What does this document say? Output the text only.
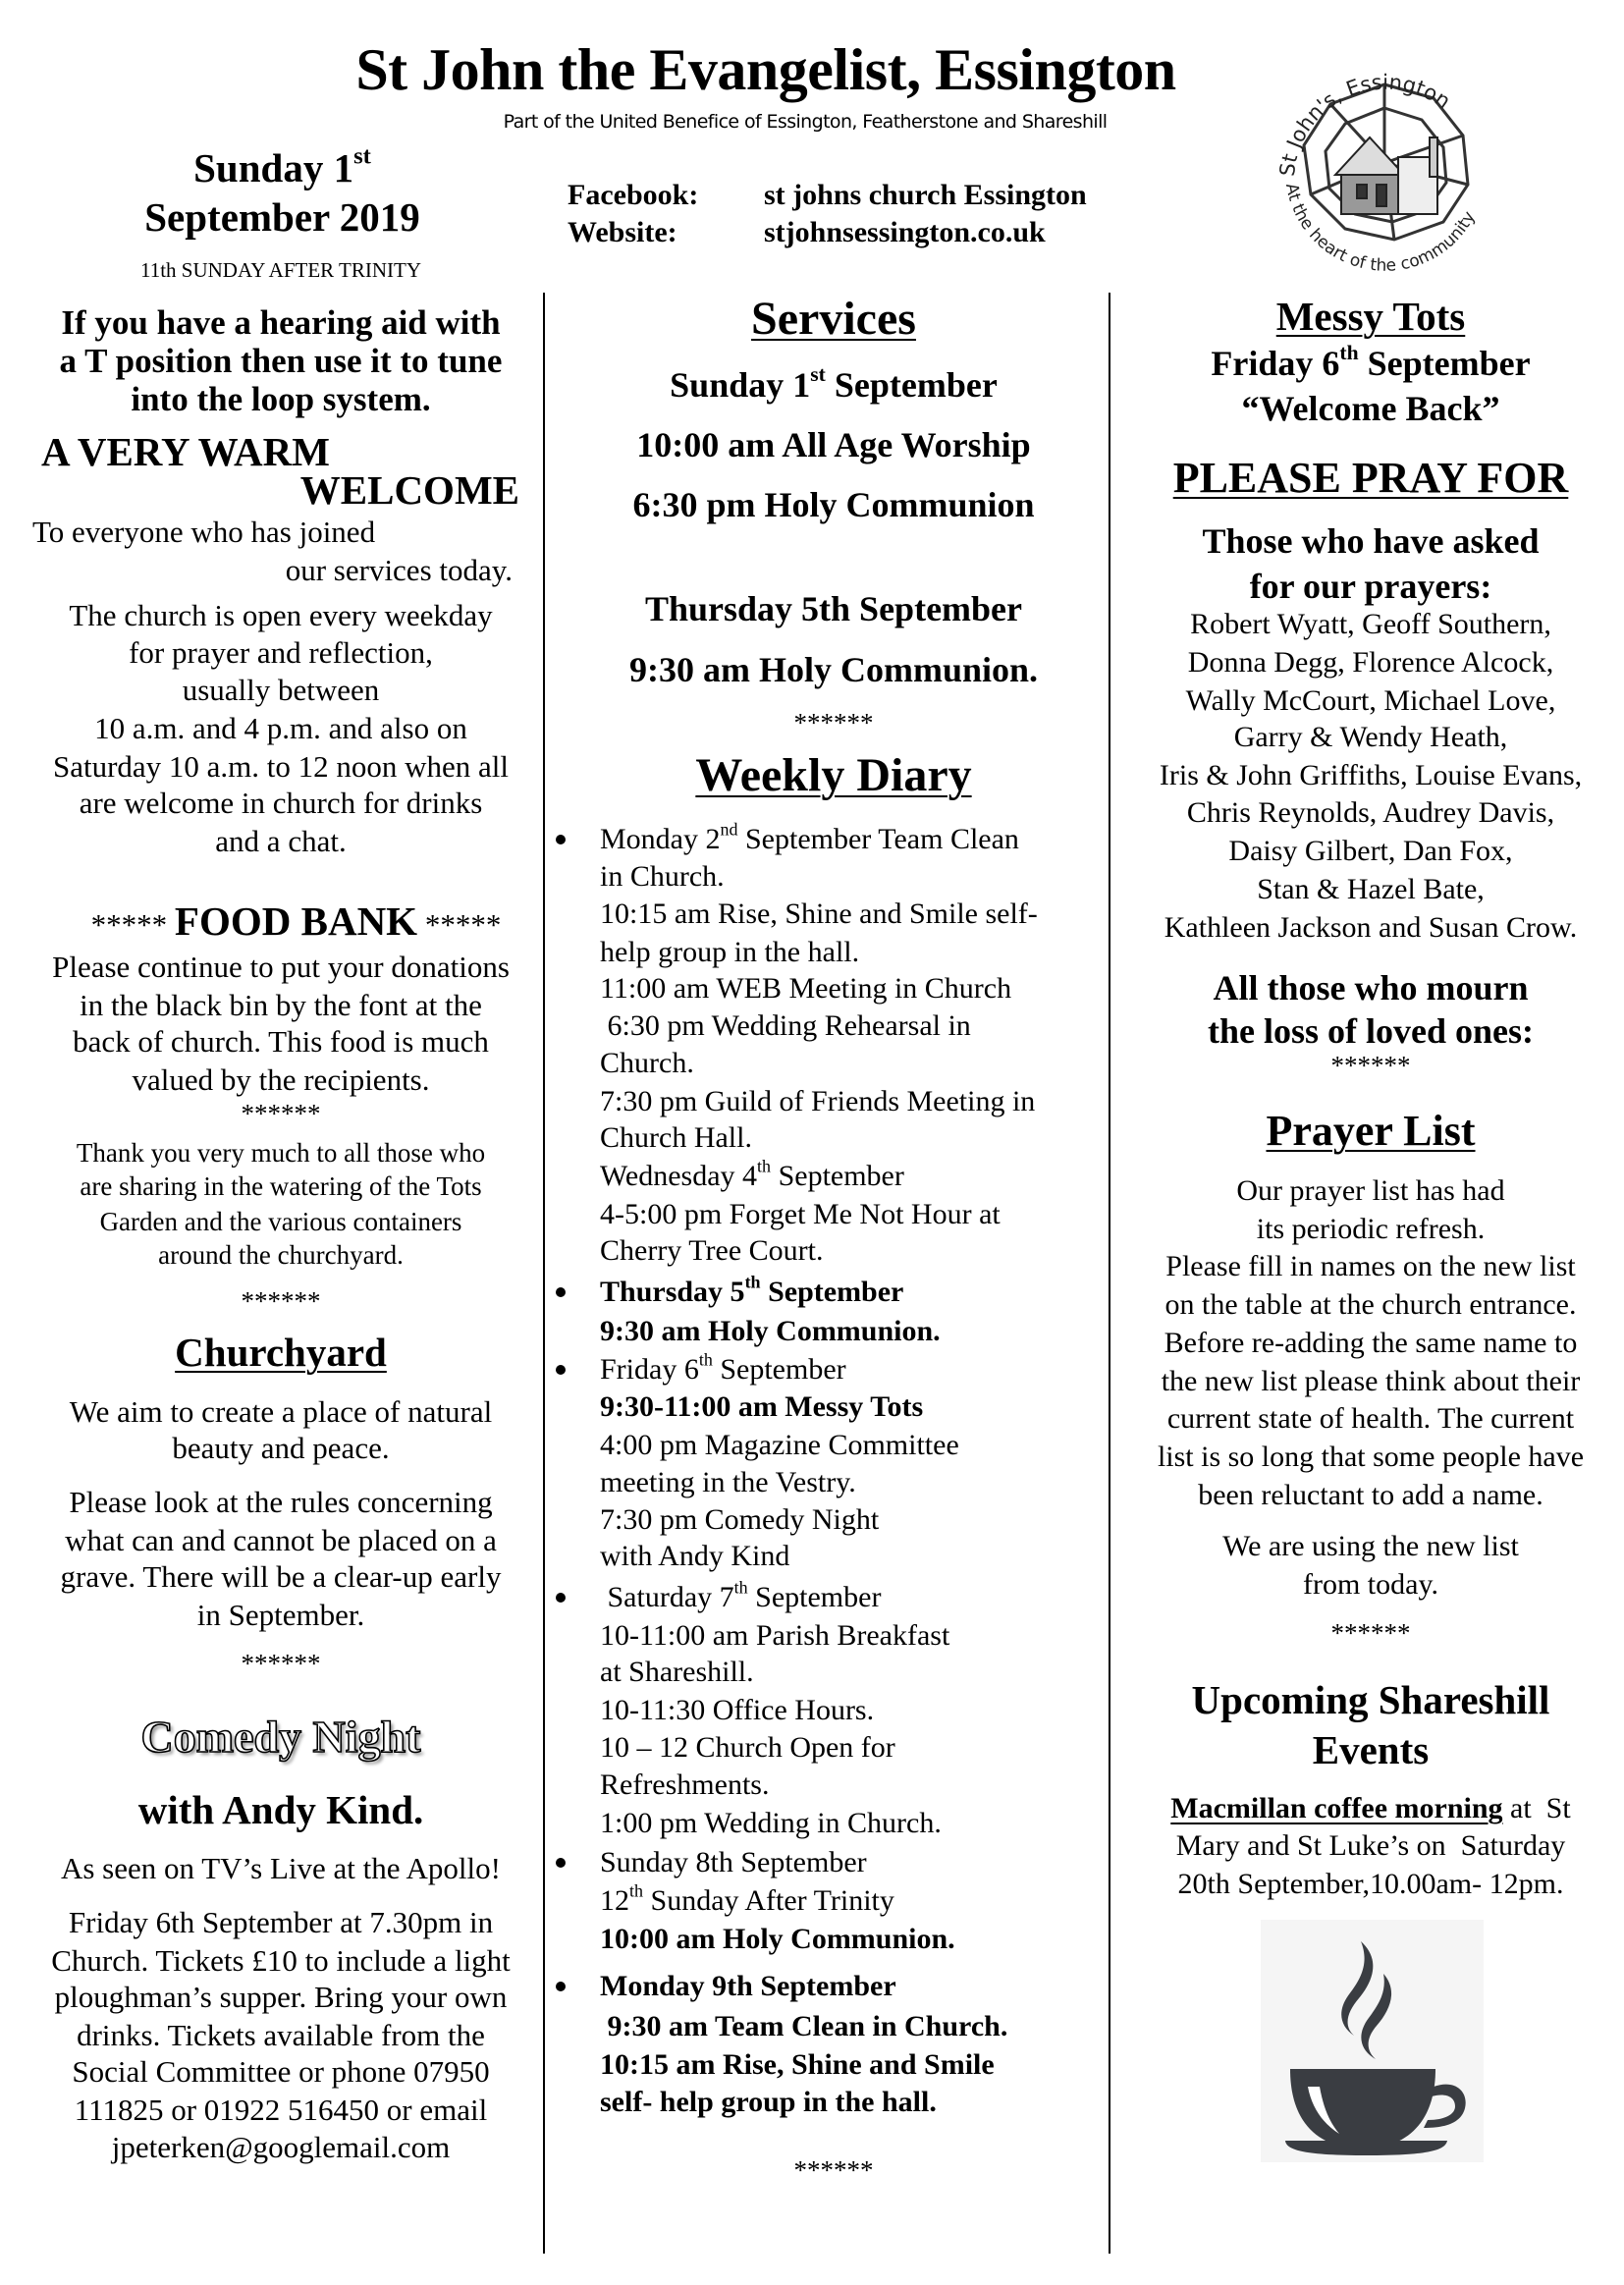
St John the Evangelist, Essington
Part of the United Benefice of Essington, Featherstone and Shareshill
Sunday 1st
September 2019
11th SUNDAY AFTER TRINITY
Facebook: st johns church Essington
Website:	stjohnsessington.co.uk
St John's, Essington
At the heart of the community
If you have a hearing aid with
a T position then use it to tune
into the loop system.
A VERY WARM
WELCOME
To everyone who has joined
our services today.
The church is open every weekday
for prayer and reflection,
usually between
10 a.m. and 4 p.m. and also on
Saturday 10 a.m. to 12 noon when all
are welcome in church for drinks
and a chat.

***** FOOD BANK *****

Please continue to put your donations
in the black bin by the font at the
back of church. This food is much
valued by the recipients.
******
Thank you very much to all those who
are sharing in the watering of the Tots
Garden and the various containers
around the churchyard.
******
Churchyard
We aim to create a place of natural
beauty and peace.
Please look at the rules concerning
what can and cannot be placed on a
grave. There will be a clear-up early
in September.
******
Comedy Night
with Andy Kind.
As seen on TV’s Live at the Apollo!
Friday 6th September at 7.30pm in
Church. Tickets £10 to include a light
ploughman’s supper. Bring your own
drinks. Tickets available from the
Social Committee or phone 07950
111825 or 01922 516450 or email
jpeterken@googlemail.com
Services
Sunday 1st September
10:00 am All Age Worship
6:30 pm Holy Communion
Thursday 5th September
9:30 am Holy Communion.
******
Weekly Diary
******
Monday 2nd September Team Clean
in Church.
10:15 am Rise, Shine and Smile self-
help group in the hall.
11:00 am WEB Meeting in Church
6:30 pm Wedding Rehearsal in
Church.
7:30 pm Guild of Friends Meeting in
Church Hall.
Wednesday 4th September
4-5:00 pm Forget Me Not Hour at
Cherry Tree Court.
Thursday 5th September
9:30 am Holy Communion.
Friday 6th September
9:30-11:00 am Messy Tots
4:00 pm Magazine Committee
meeting in the Vestry.
7:30 pm Comedy Night
with Andy Kind
Saturday 7th September
10-11:00 am Parish Breakfast
at Shareshill.
10-11:30 Office Hours.
10 – 12 Church Open for
Refreshments.
1:00 pm Wedding in Church.
Sunday 8th September
12th Sunday After Trinity
10:00 am Holy Communion.
Monday 9th September
9:30 am Team Clean in Church.
10:15 am Rise, Shine and Smile
self- help group in the hall.
Messy Tots
Friday 6th September
“Welcome Back”
PLEASE PRAY FOR
Those who have asked
for our prayers:
Robert Wyatt, Geoff Southern,
Donna Degg, Florence Alcock,
Wally McCourt, Michael Love,
Garry & Wendy Heath,
Iris & John Griffiths, Louise Evans,
Chris Reynolds, Audrey Davis,
Daisy Gilbert, Dan Fox,
Stan & Hazel Bate,
Kathleen Jackson and Susan Crow.
All those who mourn
the loss of loved ones:
******
Prayer List
Our prayer list has had
its periodic refresh.
Please fill in names on the new list
on the table at the church entrance.
Before re-adding the same name to
the new list please think about their
current state of health. The current
list is so long that some people have
been reluctant to add a name.
We are using the new list
from today.
******
Upcoming Shareshill
Events
Macmillan coffee morning at  St
Mary and St Luke’s on  Saturday
20th September,10.00am- 12pm.
